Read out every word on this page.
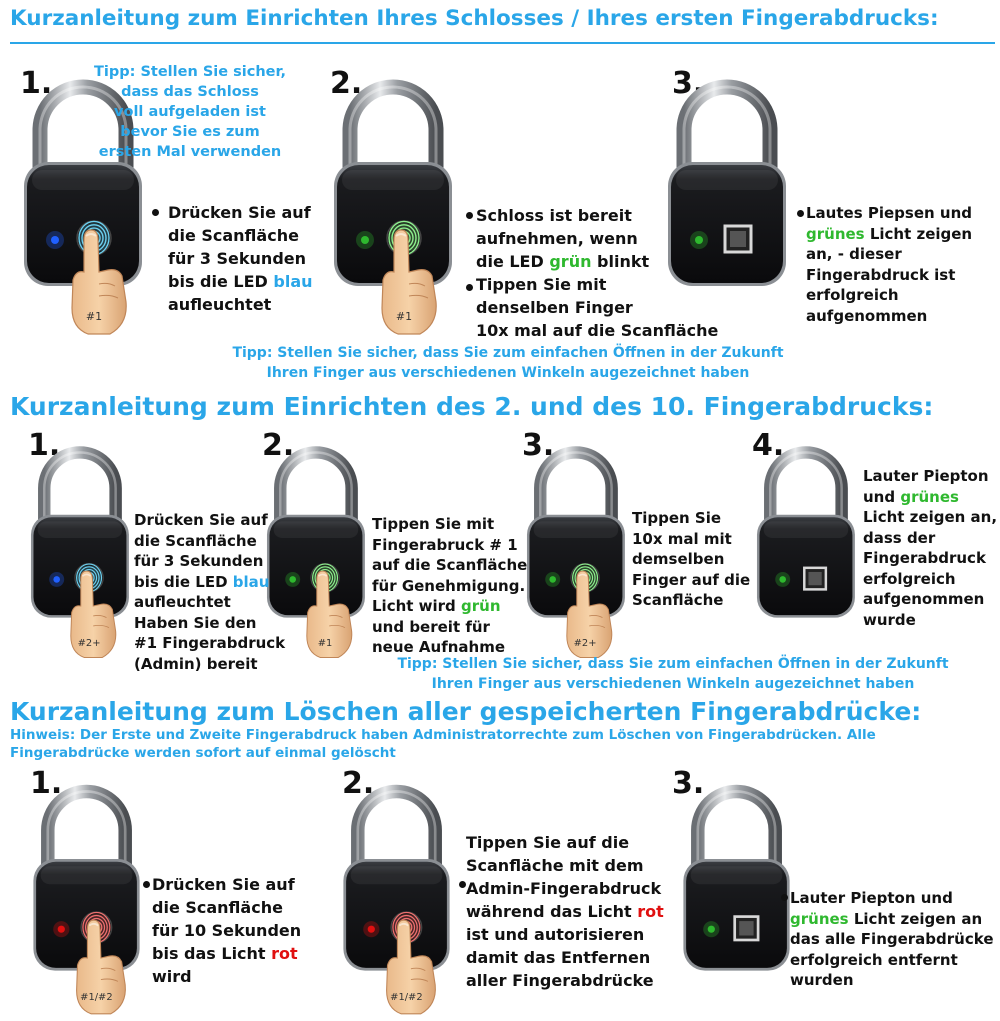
Kurzanleitung zum Einrichten Ihres Schlosses / Ihres ersten Fingerabdrucks:
1.	2.	3.
#1	#1
Tipp: Stellen Sie sicher,
dass das Schloss
voll aufgeladen ist
bevor Sie es zum
ersten Mal verwenden
Drücken Sie auf
die Scanfläche
für 3 Sekunden
bis die LED blau
aufleuchtet
Schloss ist bereit
aufnehmen, wenn
die LED grün blinkt
Tippen Sie mit
denselben Finger
10x mal auf die Scanfläche
Lautes Piepsen und
grünes Licht zeigen
an, - dieser
Fingerabdruck ist
erfolgreich
aufgenommen
Tipp: Stellen Sie sicher, dass Sie zum einfachen Öffnen in der Zukunft
Ihren Finger aus verschiedenen Winkeln augezeichnet haben
Kurzanleitung zum Einrichten des 2. und des 10. Fingerabdrucks:
1.	2.	3.	4.
#2+	#1	#2+
Drücken Sie auf
die Scanfläche
für 3 Sekunden
bis die LED blau
aufleuchtet
Haben Sie den
#1 Fingerabdruck
(Admin) bereit
Tippen Sie mit
Fingerabruck # 1
auf die Scanfläche
für Genehmigung.
Licht wird grün
und bereit für
neue Aufnahme
Tippen Sie
10x mal mit
demselben
Finger auf die
Scanfläche
Lauter Piepton
und grünes
Licht zeigen an,
dass der
Fingerabdruck
erfolgreich
aufgenommen
wurde
Tipp: Stellen Sie sicher, dass Sie zum einfachen Öffnen in der Zukunft
Ihren Finger aus verschiedenen Winkeln augezeichnet haben
Kurzanleitung zum Löschen aller gespeicherten Fingerabdrücke:
Hinweis: Der Erste und Zweite Fingerabdruck haben Administratorrechte zum Löschen von Fingerabdrücken. Alle
Fingerabdrücke werden sofort auf einmal gelöscht
1.	2.	3.
#1/#2	#1/#2
Drücken Sie auf
die Scanfläche
für 10 Sekunden
bis das Licht rot
wird
Tippen Sie auf die
Scanfläche mit dem
Admin-Fingerabdruck
während das Licht rot
ist und autorisieren
damit das Entfernen
aller Fingerabdrücke
Lauter Piepton und
grünes Licht zeigen an
das alle Fingerabdrücke
erfolgreich entfernt
wurden
